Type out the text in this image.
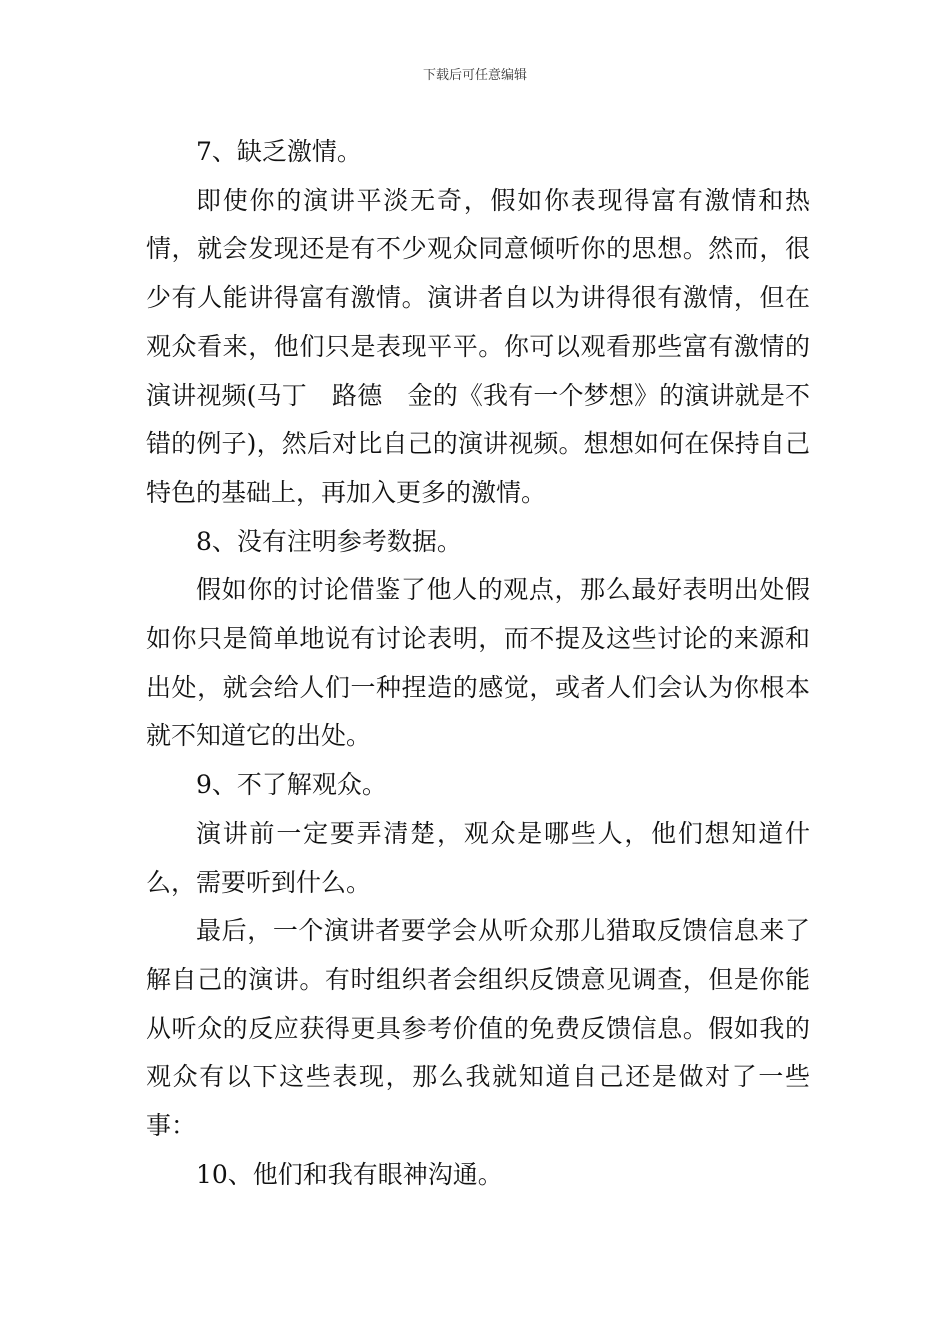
下载后可任意编辑

7、缺乏激情。

即使你的演讲平淡无奇，假如你表现得富有激情和热情，就会发现还是有不少观众同意倾听你的思想。然而，很少有人能讲得富有激情。演讲者自以为讲得很有激情，但在观众看来，他们只是表现平平。你可以观看那些富有激情的演讲视频(马丁　路德　金的《我有一个梦想》的演讲就是不错的例子)，然后对比自己的演讲视频。想想如何在保持自己特色的基础上，再加入更多的激情。

8、没有注明参考数据。

假如你的讨论借鉴了他人的观点，那么最好表明出处假如你只是简单地说有讨论表明，而不提及这些讨论的来源和出处，就会给人们一种捏造的感觉，或者人们会认为你根本就不知道它的出处。

9、不了解观众。

演讲前一定要弄清楚，观众是哪些人，他们想知道什么，需要听到什么。

最后，一个演讲者要学会从听众那儿猎取反馈信息来了解自己的演讲。有时组织者会组织反馈意见调查，但是你能从听众的反应获得更具参考价值的免费反馈信息。假如我的观众有以下这些表现，那么我就知道自己还是做对了一些事：

10、他们和我有眼神沟通。
